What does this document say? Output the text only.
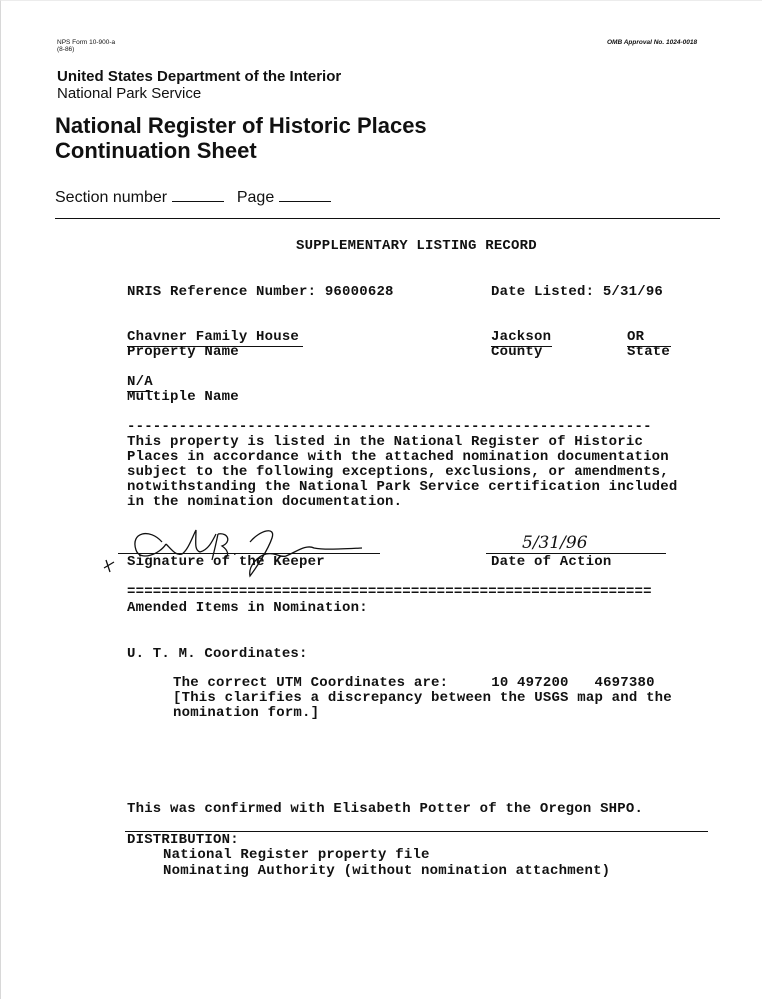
NPS Form 10-900-a
(8-86)
OMB Approval No. 1024-0018
United States Department of the Interior
National Park Service
National Register of Historic Places
Continuation Sheet
Section number	Page
SUPPLEMENTARY LISTING RECORD
NRIS Reference Number: 96000628	Date Listed: 5/31/96
Chavner Family House
Property Name
Jackson
County
OR
State
N/A
Multiple Name
-------------------------------------------------------------
This property is listed in the National Register of Historic
Places in accordance with the attached nomination documentation
subject to the following exceptions, exclusions, or amendments,
notwithstanding the National Park Service certification included
in the nomination documentation.
Signature of the Keeper	Date of Action
5/31/96
=============================================================
Amended Items in Nomination:
U. T. M. Coordinates:
The correct UTM Coordinates are:     10 497200   4697380
[This clarifies a discrepancy between the USGS map and the
nomination form.]
This was confirmed with Elisabeth Potter of the Oregon SHPO.
DISTRIBUTION:
National Register property file
Nominating Authority (without nomination attachment)
